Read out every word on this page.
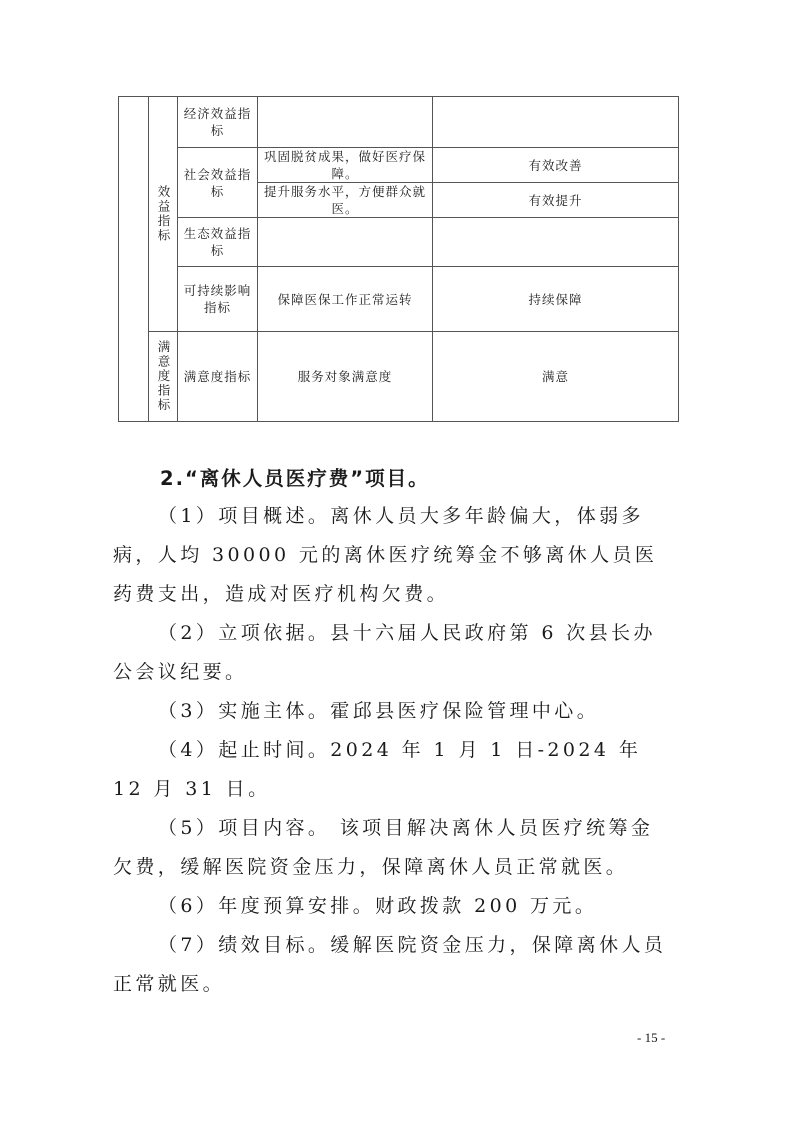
	效益指标	经济效益指标		
		社会效益指标	巩固脱贫成果，做好医疗保障。	有效改善
			提升服务水平，方便群众就医。	有效提升
		生态效益指标		
		可持续影响指标	保障医保工作正常运转	持续保障

	满意度指标	满意度指标	服务对象满意度	满意
2.“离休人员医疗费”项目。

（1）项目概述。离休人员大多年龄偏大，体弱多病，人均 30000 元的离休医疗统筹金不够离休人员医药费支出，造成对医疗机构欠费。

（2）立项依据。县十六届人民政府第 6 次县长办公会议纪要。

（3）实施主体。霍邱县医疗保险管理中心。

（4）起止时间。2024 年 1 月 1 日-2024 年 12 月 31 日。

（5）项目内容。 该项目解决离休人员医疗统筹金欠费，缓解医院资金压力，保障离休人员正常就医。

（6）年度预算安排。财政拨款 200 万元。

（7）绩效目标。缓解医院资金压力，保障离休人员正常就医。

- 15 -
